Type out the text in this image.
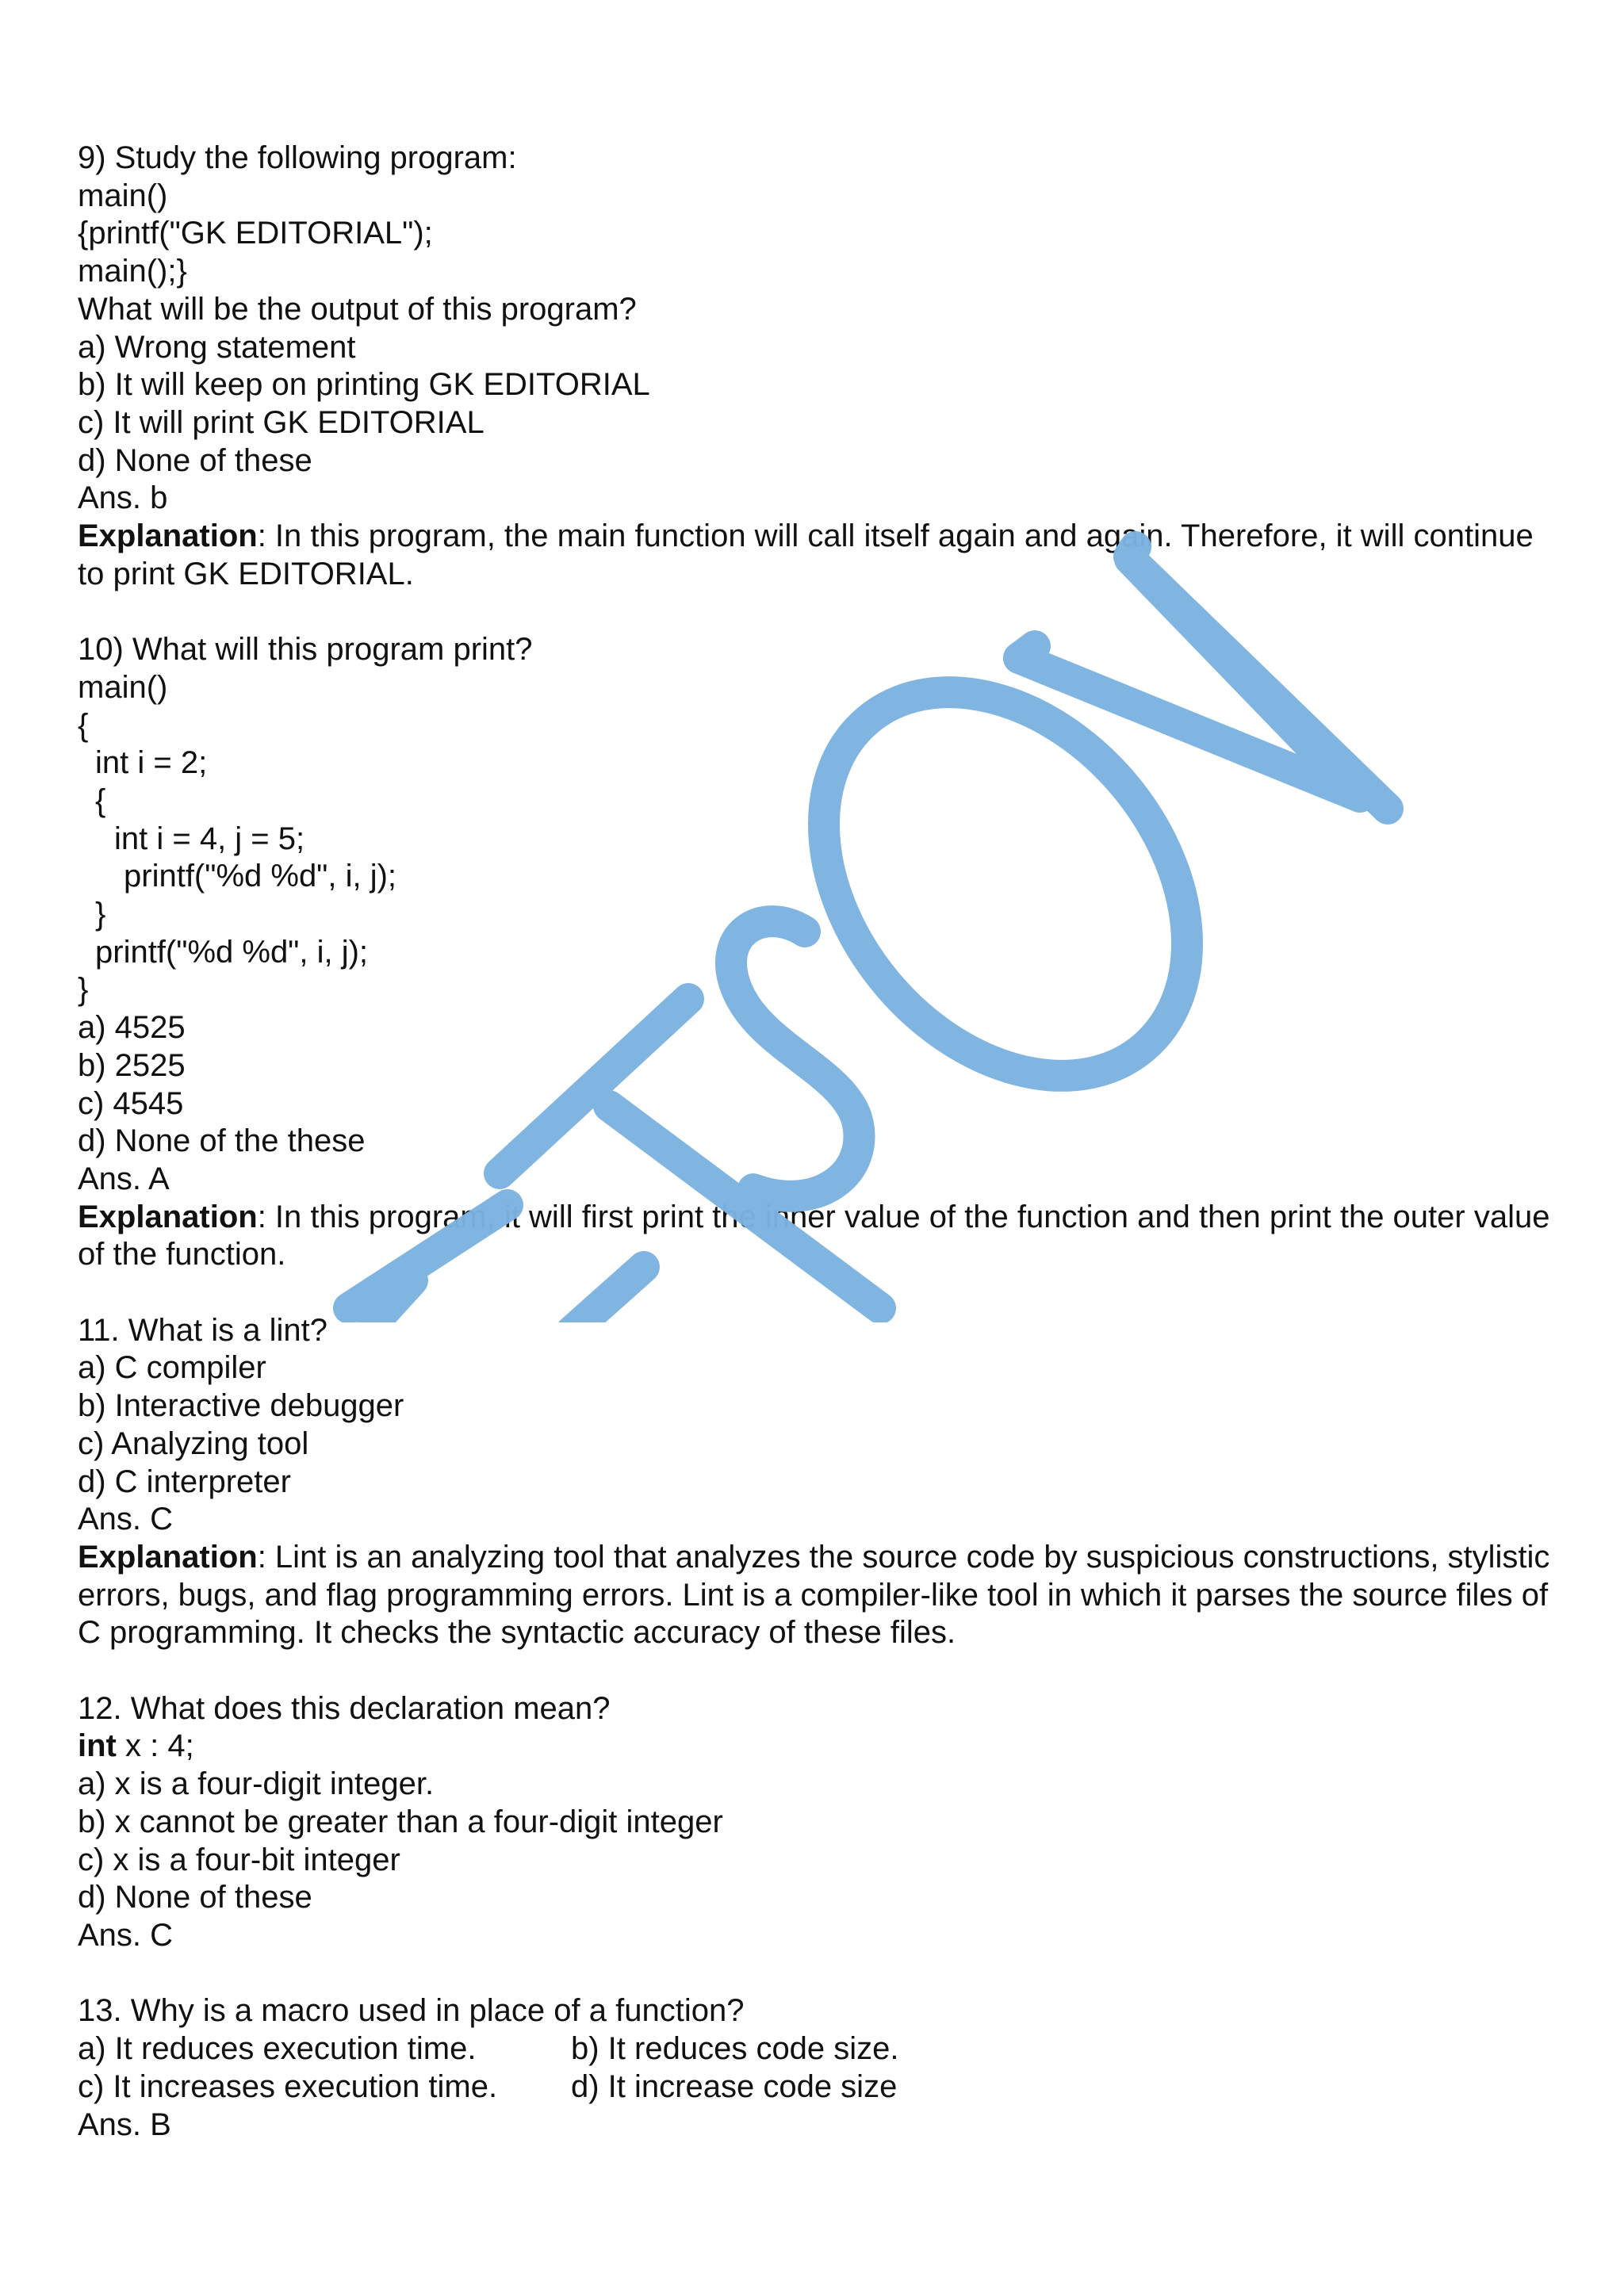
9) Study the following program:
main()
{printf("GK EDITORIAL");
main();}
What will be the output of this program?
a) Wrong statement
b) It will keep on printing GK EDITORIAL
c) It will print GK EDITORIAL
d) None of these
Ans. b
Explanation: In this program, the main function will call itself again and again. Therefore, it will continue to print GK EDITORIAL.
10) What will this program print?
main()
{
int i = 2;
{
int i = 4, j = 5;
printf("%d %d", i, j);
}
printf("%d %d", i, j);
}
a) 4525
b) 2525
c) 4545
d) None of the these
Ans. A
Explanation: In this program, it will first print the inner value of the function and then print the outer value of the function.
11. What is a lint?
a) C compiler
b) Interactive debugger
c) Analyzing tool
d) C interpreter
Ans. C
Explanation: Lint is an analyzing tool that analyzes the source code by suspicious constructions, stylistic errors, bugs, and flag programming errors. Lint is a compiler-like tool in which it parses the source files of C programming. It checks the syntactic accuracy of these files.
12. What does this declaration mean?
int x : 4;
a) x is a four-digit integer.
b) x cannot be greater than a four-digit integer
c) x is a four-bit integer
d) None of these
Ans. C
13. Why is a macro used in place of a function?
a) It reduces execution time.	b) It reduces code size.
c) It increases execution time.	d) It increase code size
Ans. B
